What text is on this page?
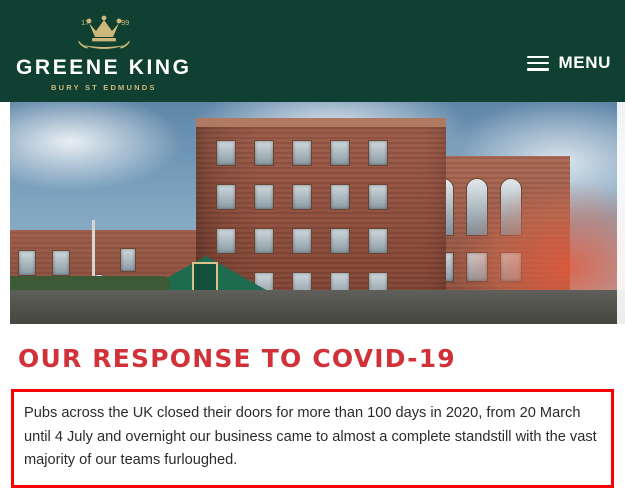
17	99
GREENE KING
BURY ST EDMUNDS
MENU
OUR RESPONSE TO COVID-19

Pubs across the UK closed their doors for more than 100 days in 2020, from 20 March until 4 July and overnight our business came to almost a complete standstill with the vast majority of our teams furloughed.
